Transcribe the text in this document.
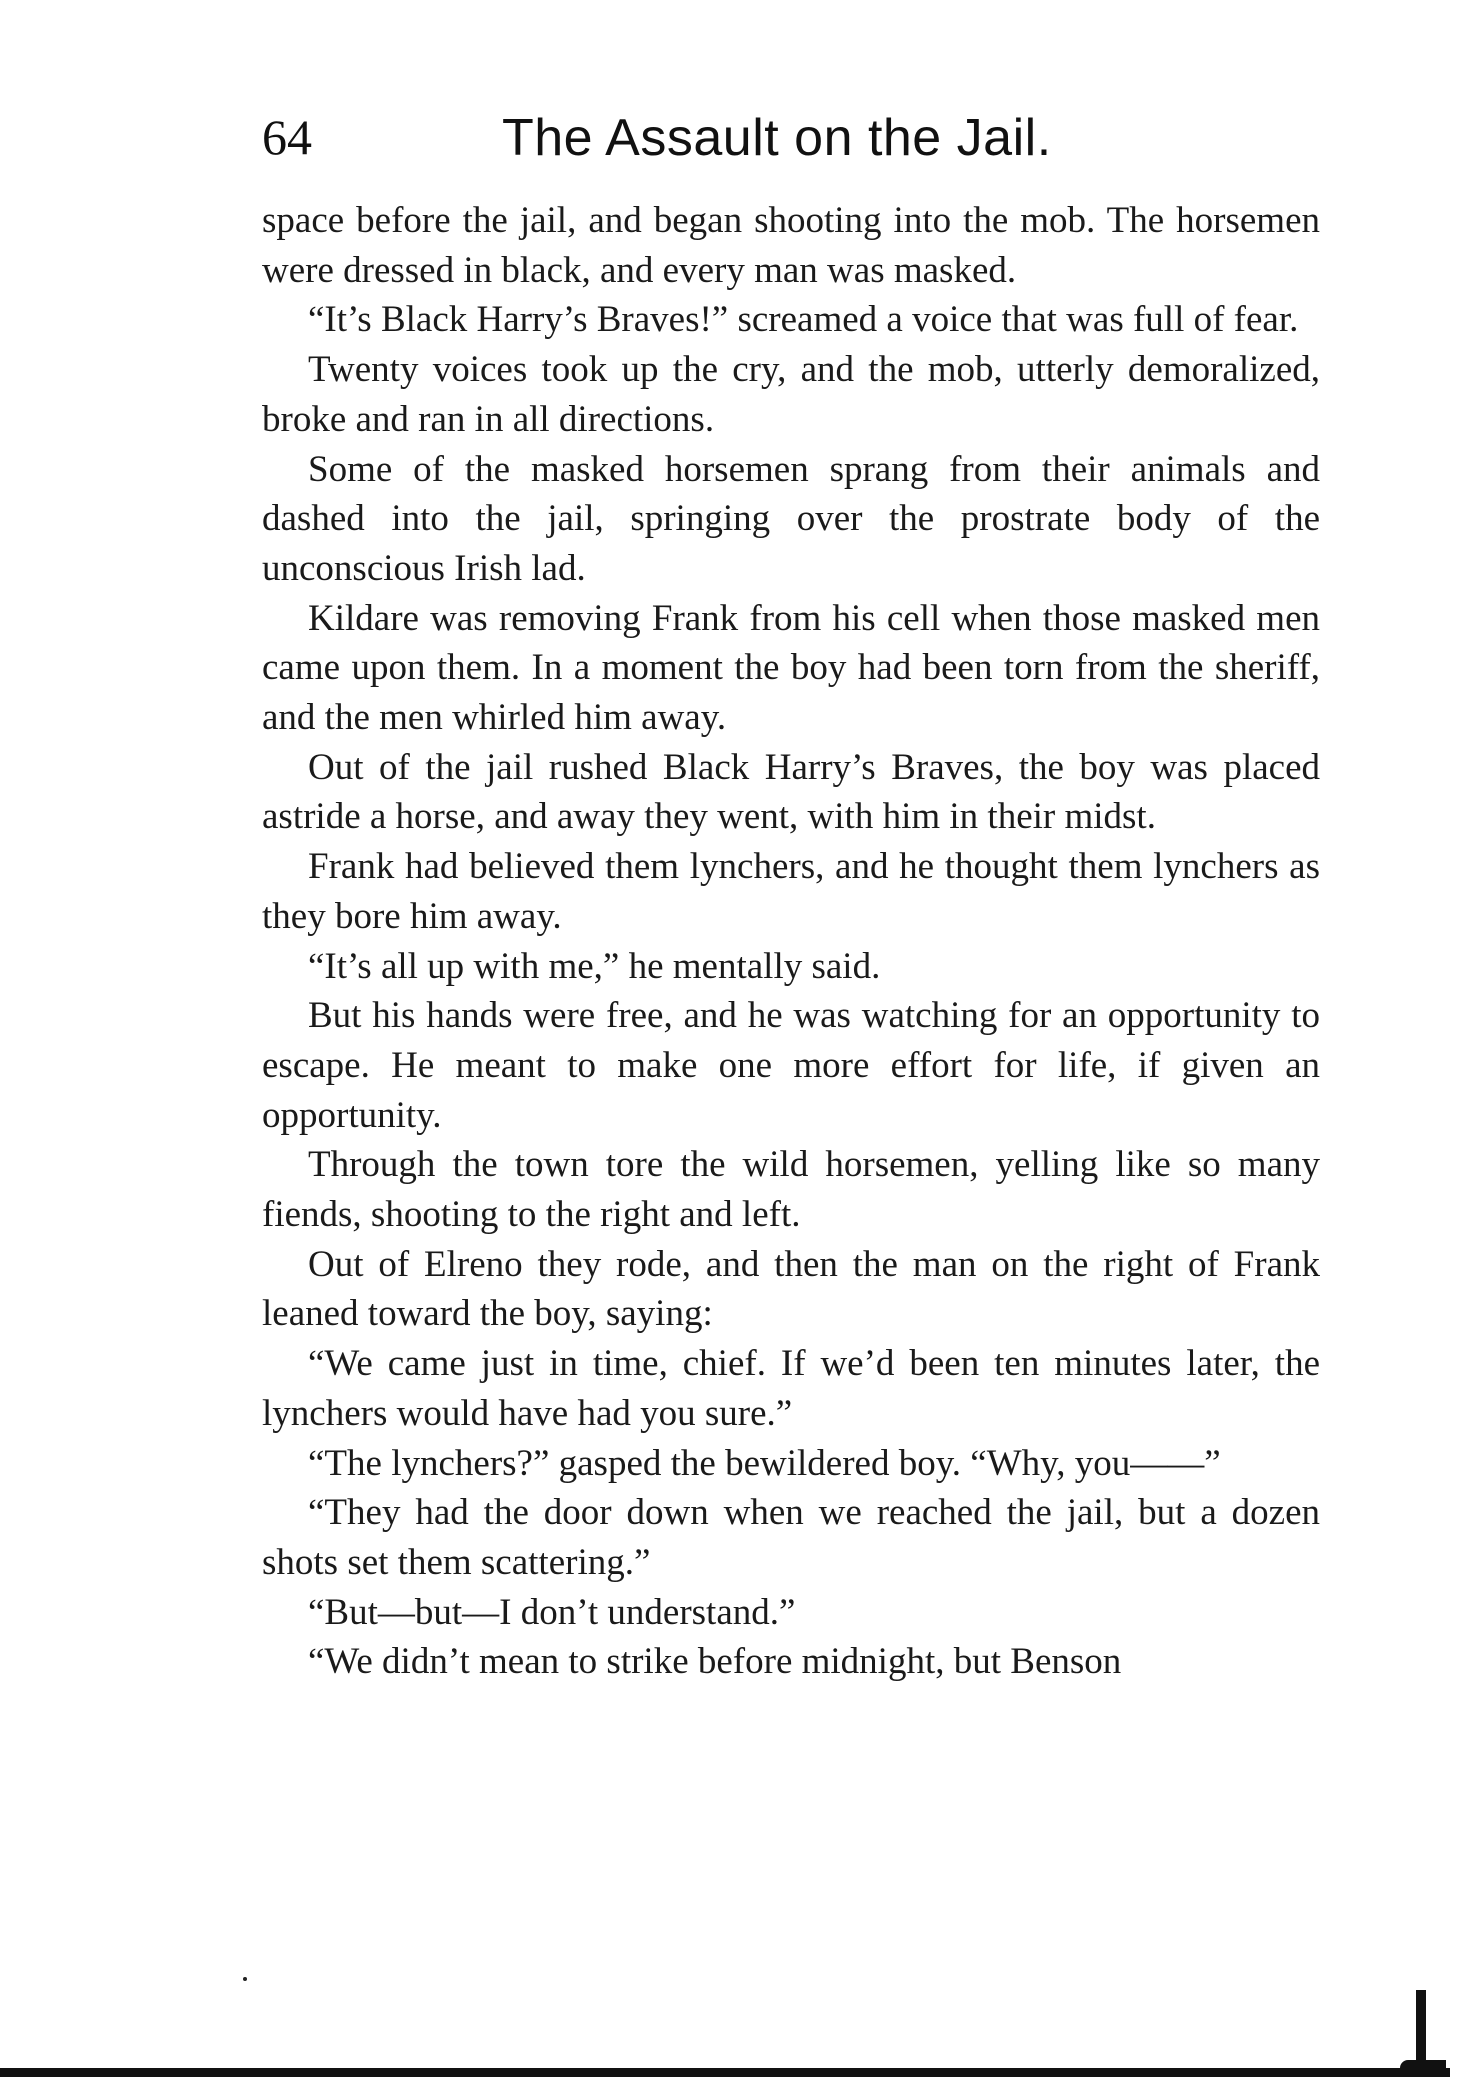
64	The Assault on the Jail.

space before the jail, and began shooting into the mob. The horsemen were dressed in black, and every man was masked.

“It’s Black Harry’s Braves!” screamed a voice that was full of fear.

Twenty voices took up the cry, and the mob, utterly demoralized, broke and ran in all directions.

Some of the masked horsemen sprang from their animals and dashed into the jail, springing over the prostrate body of the unconscious Irish lad.

Kildare was removing Frank from his cell when those masked men came upon them. In a moment the boy had been torn from the sheriff, and the men whirled him away.

Out of the jail rushed Black Harry’s Braves, the boy was placed astride a horse, and away they went, with him in their midst.

Frank had believed them lynchers, and he thought them lynchers as they bore him away.

“It’s all up with me,” he mentally said.

But his hands were free, and he was watching for an opportunity to escape. He meant to make one more effort for life, if given an opportunity.

Through the town tore the wild horsemen, yelling like so many fiends, shooting to the right and left.

Out of Elreno they rode, and then the man on the right of Frank leaned toward the boy, saying:

“We came just in time, chief. If we’d been ten minutes later, the lynchers would have had you sure.”

“The lynchers?” gasped the bewildered boy. “Why, you——”

“They had the door down when we reached the jail, but a dozen shots set them scattering.”

“But—but—I don’t understand.”

“We didn’t mean to strike before midnight, but Benson
